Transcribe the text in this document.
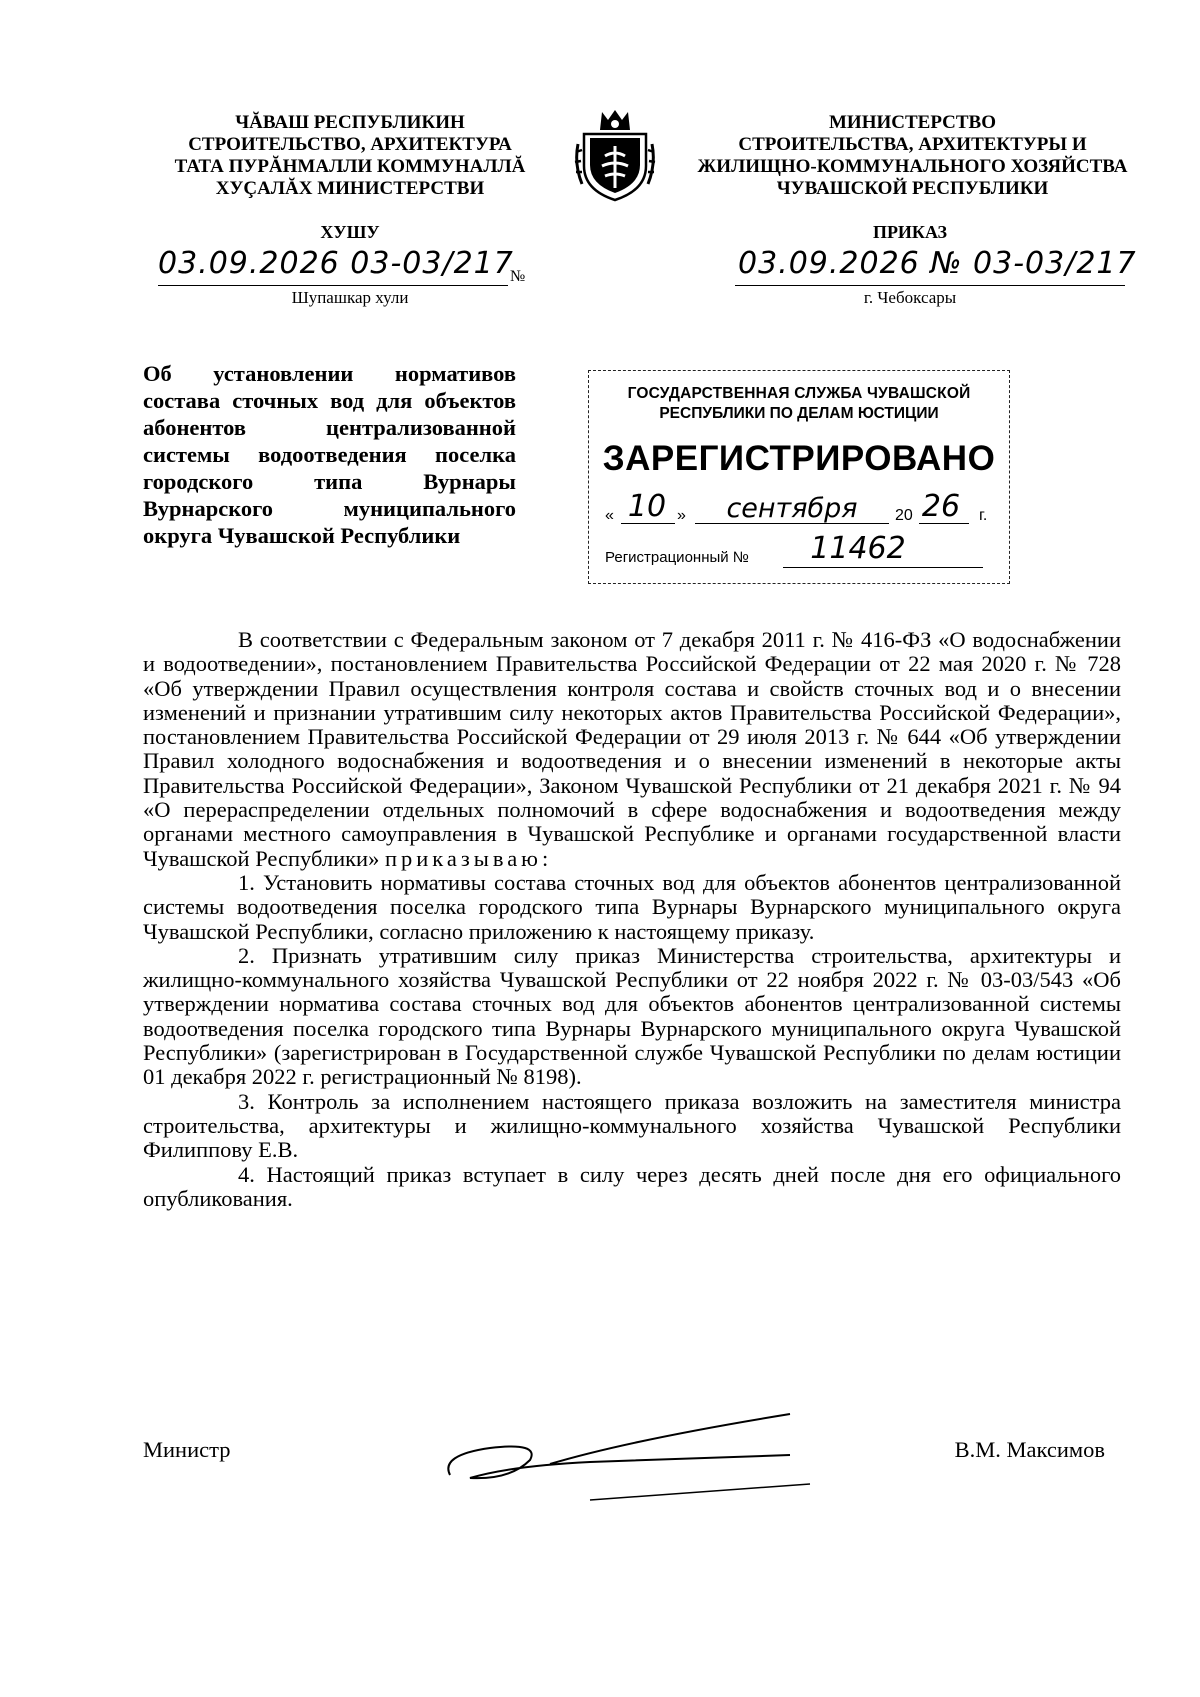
ЧĂВАШ РЕСПУБЛИКИН
СТРОИТЕЛЬСТВО, АРХИТЕКТУРА
ТАТА ПУРĂНМАЛЛИ КОММУНАЛЛĂ
ХУÇАЛĂХ МИНИСТЕРСТВИ
МИНИСТЕРСТВО
СТРОИТЕЛЬСТВА, АРХИТЕКТУРЫ И
ЖИЛИЩНО-КОММУНАЛЬНОГО ХОЗЯЙСТВА
ЧУВАШСКОЙ РЕСПУБЛИКИ
ХУШУ	ПРИКАЗ
03.09.2026 03-03/217
№
Шупашкар хули
03.09.2026 № 03-03/217
г. Чебоксары
Об установлении нормативов состава сточных вод для объектов абонентов централизованной системы водоотведения поселка городского типа Вурнары Вурнарского муниципального округа Чувашской Республики
ГОСУДАРСТВЕННАЯ СЛУЖБА ЧУВАШСКОЙ
РЕСПУБЛИКИ ПО ДЕЛАМ ЮСТИЦИИ
ЗАРЕГИСТРИРОВАНО
« 10 »	сентября	20 26 г.
Регистрационный №	11462

В соответствии с Федеральным законом от 7 декабря 2011 г. № 416-ФЗ «О водоснабжении и водоотведении», постановлением Правительства Российской Федерации от 22 мая 2020 г. № 728 «Об утверждении Правил осуществления контроля состава и свойств сточных вод и о внесении изменений и признании утратившим силу некоторых актов Правительства Российской Федерации», постановлением Правительства Российской Федерации от 29 июля 2013 г. № 644 «Об утверждении Правил холодного водоснабжения и водоотведения и о внесении изменений в некоторые акты Правительства Российской Федерации», Законом Чувашской Республики от 21 декабря 2021 г. № 94 «О перераспределении отдельных полномочий в сфере водоснабжения и водоотведения между органами местного самоуправления в Чувашской Республике и органами государственной власти Чувашской Республики» приказываю:

1. Установить нормативы состава сточных вод для объектов абонентов централизованной системы водоотведения поселка городского типа Вурнары Вурнарского муниципального округа Чувашской Республики, согласно приложению к настоящему приказу.

2. Признать утратившим силу приказ Министерства строительства, архитектуры и жилищно-коммунального хозяйства Чувашской Республики от 22 ноября 2022 г. № 03-03/543 «Об утверждении норматива состава сточных вод для объектов абонентов централизованной системы водоотведения поселка городского типа Вурнары Вурнарского муниципального округа Чувашской Республики» (зарегистрирован в Государственной службе Чувашской Республики по делам юстиции 01 декабря 2022 г. регистрационный № 8198).

3. Контроль за исполнением настоящего приказа возложить на заместителя министра строительства, архитектуры и жилищно-коммунального хозяйства Чувашской Республики Филиппову Е.В.

4. Настоящий приказ вступает в силу через десять дней после дня его официального опубликования.

Министр	В.М. Максимов
